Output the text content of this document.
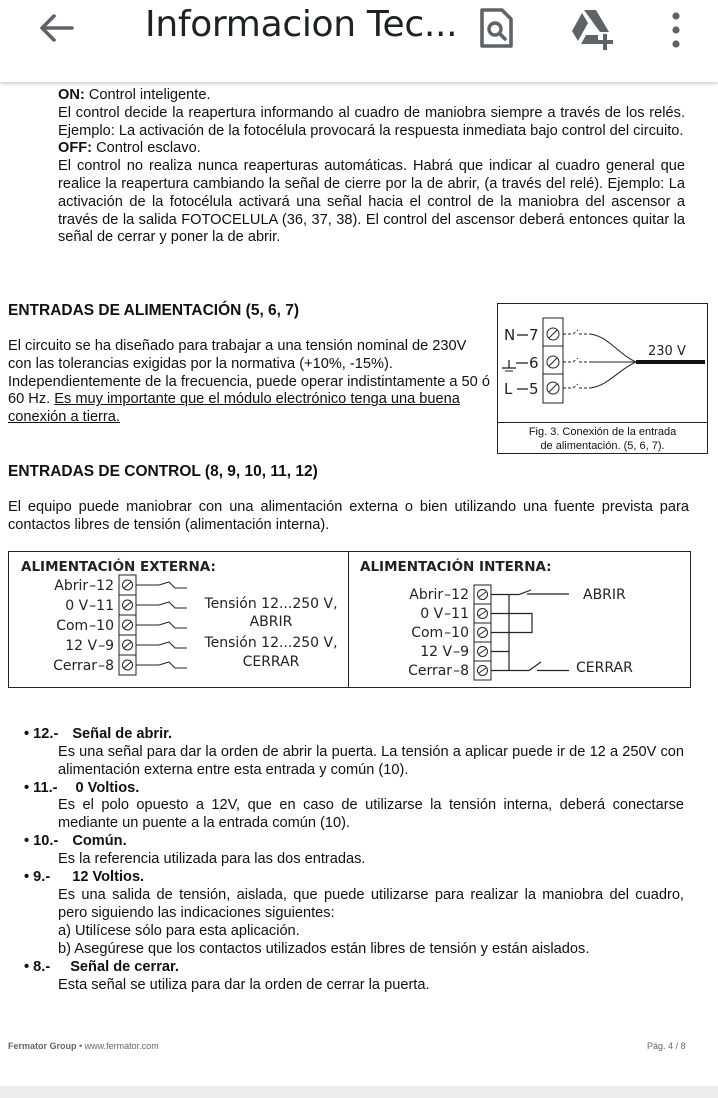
Informacion Tec...
ON: Control inteligente.
El control decide la reapertura informando al cuadro de maniobra siempre a través de los relés. Ejemplo: La activación de la fotocélula provocará la respuesta inmediata bajo control del circuito.
OFF: Control esclavo.
El control no realiza nunca reaperturas automáticas. Habrá que indicar al cuadro general que realice la reapertura cambiando la señal de cierre por la de abrir, (a través del relé). Ejemplo: La activación de la fotocélula activará una señal hacia el control de la maniobra del ascensor a través de la salida FOTOCELULA (36, 37, 38). El control del ascensor deberá entonces quitar la señal de cerrar y poner la de abrir.
ENTRADAS DE ALIMENTACIÓN (5, 6, 7)
El circuito se ha diseñado para trabajar a una tensión nominal de 230V con las tolerancias exigidas por la normativa (+10%, -15%). Independientemente de la frecuencia, puede operar indistintamente a 50 ó 60 Hz. Es muy importante que el módulo electrónico tenga una buena conexión a tierra.
N 7
6
L 5
230 V
Fig. 3. Conexión de la entrada
de alimentación. (5, 6, 7).
ENTRADAS DE CONTROL (8, 9, 10, 11, 12)
El equipo puede maniobrar con una alimentación externa o bien utilizando una fuente prevista para contactos libres de tensión (alimentación interna).
ALIMENTACIÓN EXTERNA:
Abrir–12
0 V–11
Com–10
12 V–9
Cerrar–8
Tensión 12...250 V,
ABRIR
Tensión 12...250 V,
CERRAR
ALIMENTACIÓN INTERNA:
Abrir–12
0 V–11
Com–10
12 V–9
Cerrar–8
ABRIR
CERRAR
• 12.- Señal de abrir.
Es una señal para dar la orden de abrir la puerta. La tensión a aplicar puede ir de 12 a 250V con alimentación externa entre esta entrada y común (10).
• 11.- 0 Voltios.
Es el polo opuesto a 12V, que en caso de utilizarse la tensión interna, deberá conectarse mediante un puente a la entrada común (10).
• 10.- Común.
Es la referencia utilizada para las dos entradas.
• 9.- 12 Voltios.
Es una salida de tensión, aislada, que puede utilizarse para realizar la maniobra del cuadro, pero siguiendo las indicaciones siguientes:
a) Utilícese sólo para esta aplicación.
b) Asegúrese que los contactos utilizados están libres de tensión y están aislados.
• 8.- Señal de cerrar.
Esta señal se utiliza para dar la orden de cerrar la puerta.
Fermator Group • www.fermator.com	Pág. 4 / 8
